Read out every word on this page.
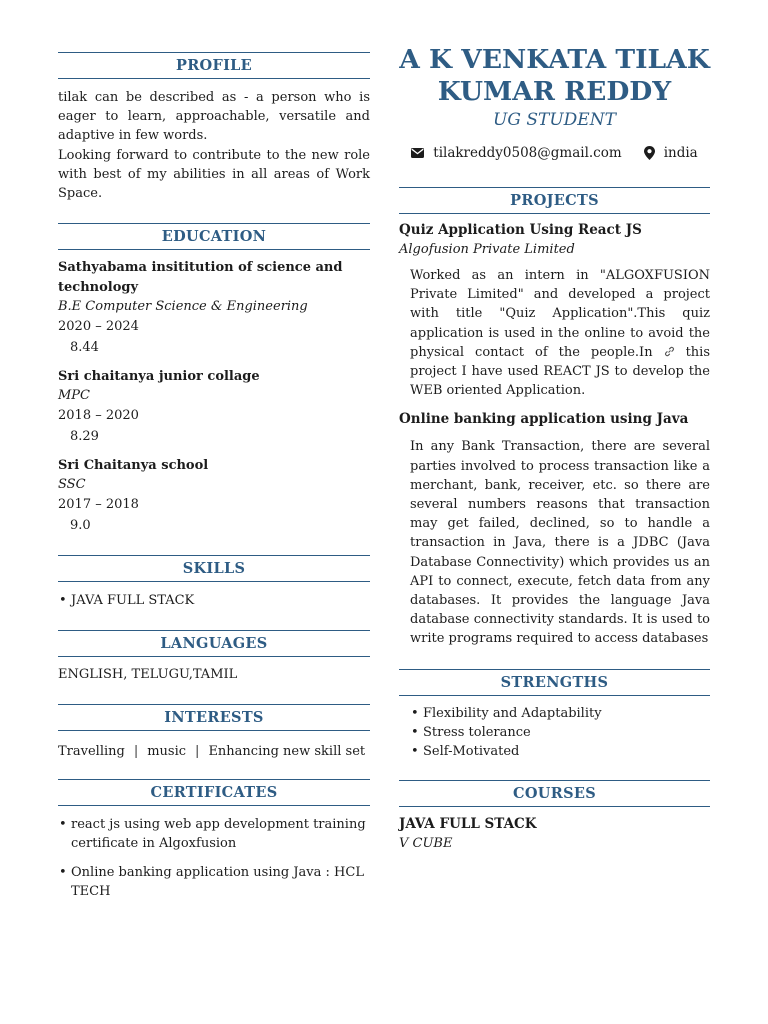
PROFILE

tilak can be described as - a person who is eager to learn, approachable, versatile and adaptive in few words.

Looking forward to contribute to the new role with best of my abilities in all areas of Work Space.

EDUCATION
Sathyabama insititution of science and technology
B.E Computer Science & Engineering
2020 – 2024
8.44
Sri chaitanya junior collage
MPC
2018 – 2020
8.29
Sri Chaitanya school
SSC
2017 – 2018
9.0
SKILLS
• JAVA FULL STACK
LANGUAGES

ENGLISH, TELUGU,TAMIL

INTERESTS
Travelling | music | Enhancing new skill set
CERTIFICATES
• react js using web app development training certificate in Algoxfusion
• Online banking application using Java : HCL TECH
A K VENKATA TILAK
KUMAR REDDY
UG STUDENT
tilakreddy0508@gmail.com	india
PROJECTS
Quiz Application Using React JS
Algofusion Private Limited

Worked as an intern in "ALGOXFUSION Private Limited" and developed a project with title "Quiz Application".This quiz application is used in the online to avoid the physical contact of the people.In  this project I have used REACT JS to develop the WEB oriented Application.

Online banking application using Java

In any Bank Transaction, there are several parties involved to process transaction like a merchant, bank, receiver, etc. so there are several numbers reasons that transaction may get failed, declined, so to handle a transaction in Java, there is a JDBC (Java Database Connectivity) which provides us an API to connect, execute, fetch data from any databases. It provides the language Java database connectivity standards. It is used to write programs required to access databases

STRENGTHS
• Flexibility and Adaptability
• Stress tolerance
• Self-Motivated
COURSES
JAVA FULL STACK
V CUBE
